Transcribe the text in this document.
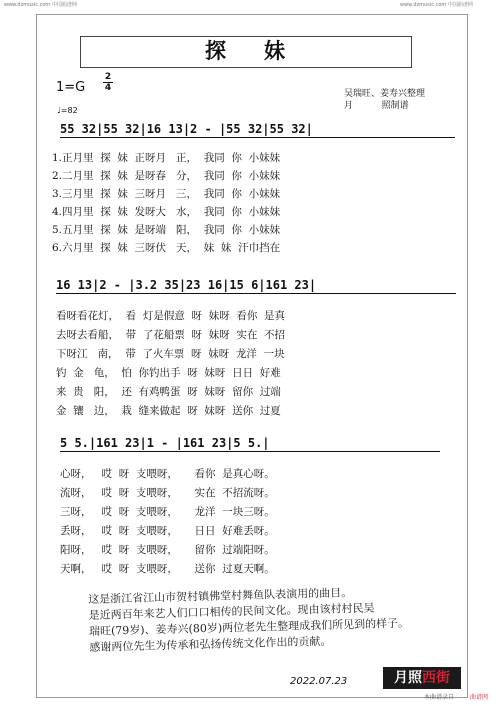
www.dzmusic.com 中国曲谱网	www.dzmusic.com 中国曲谱网
探妹
1=G
2
4
吴瑞旺、姜寿兴整理
月          照制谱
♩=82
55 32|55 32|16 13|2 - |55 32|55 32|
1.正月里  探  妹  正呀月   正，  我同  你  小妹妹
2.二月里  探  妹  是呀春   分，  我同  你  小妹妹
3.三月里  探  妹  三呀月   三，  我同  你  小妹妹
4.四月里  探  妹  发呀大   水，  我同  你  小妹妹
5.五月里  探  妹  是呀端   阳，  我同  你  小妹妹
6.六月里  探  妹  三呀伏   天，  妹  妹  汗巾挡在
16 13|2 - |3.2 35|23 16|15 6|161 23|
看呀看花灯，  看  灯是假意  呀  妹呀  看你  是真
去呀去看船，  带  了花船票  呀  妹呀  实在  不招
下呀江   南，  带  了火车票  呀  妹呀  龙洋  一块
钓  金   龟，  怕  你钓出手  呀  妹呀  日日  好难
来  贵   阳，  还  有鸡鸭蛋  呀  妹呀  留你  过端
金  镶   边，  栽  缝来做起  呀  妹呀  送你  过夏
5 5.|161 23|1 - |161 23|5 5.|
心呀，   哎  呀  支喂呀，     看你  是真心呀。
流呀，   哎  呀  支喂呀，     实在  不招流呀。
三呀，   哎  呀  支喂呀，     龙洋  一块三呀。
丢呀，   哎  呀  支喂呀，     日日  好难丢呀。
阳呀，   哎  呀  支喂呀，     留你  过端阳呀。
天啊，   哎  呀  支喂呀，     送你  过夏天啊。
这是浙江省江山市贺村镇佛堂村舞鱼队表演用的曲目。
是近两百年来艺人们口口相传的民间文化。现由该村村民吴
瑞旺(79岁)、姜寿兴(80岁)两位老先生整理成我们所见到的样子。
感谢两位先生为传承和弘扬传统文化作出的贡献。
2022.07.23	月照西街
本曲谱录自	曲谱网
